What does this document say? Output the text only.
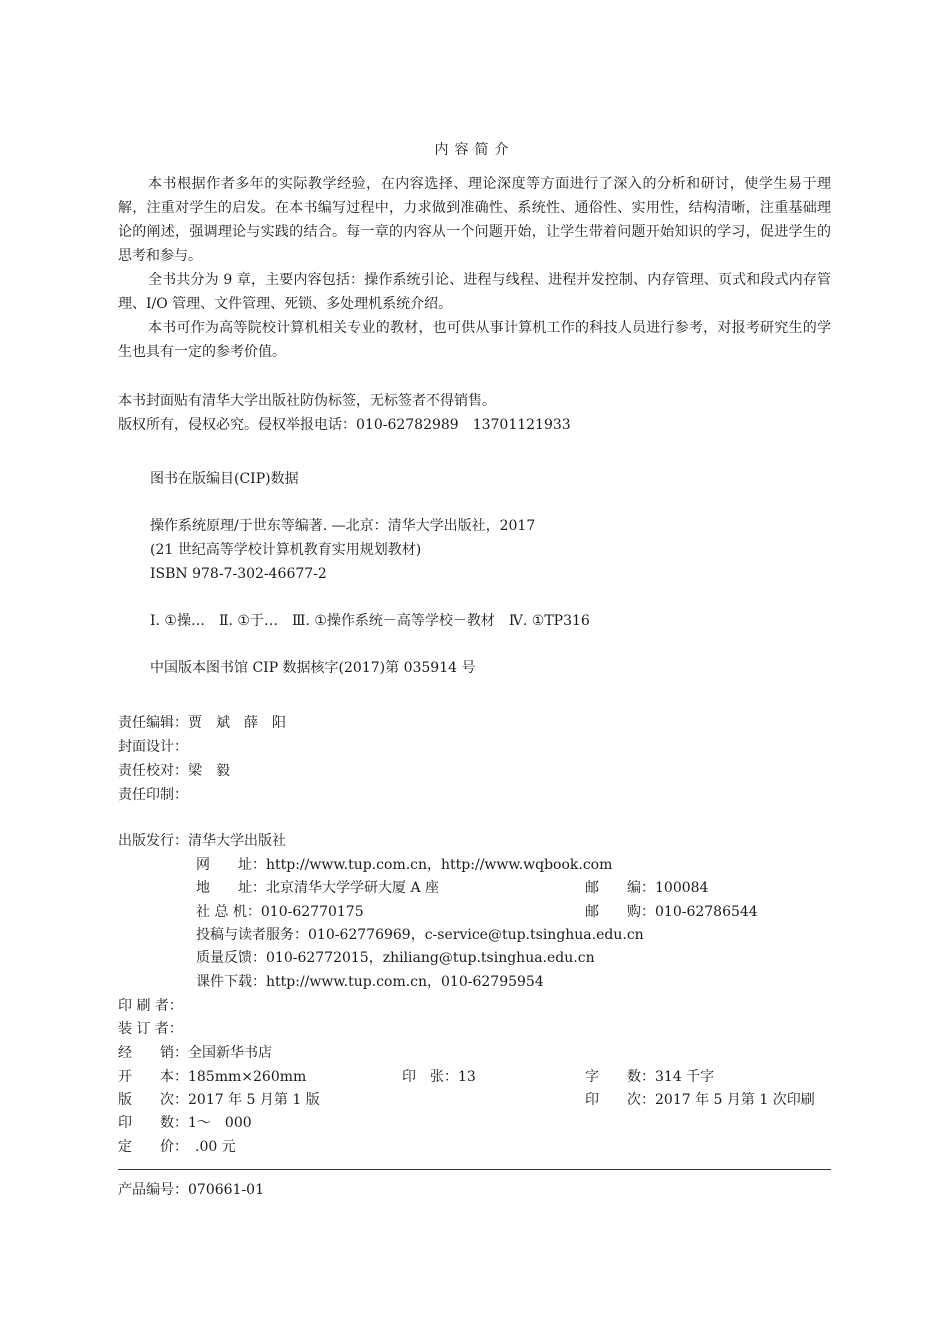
内容简介
本书根据作者多年的实际教学经验，在内容选择、理论深度等方面进行了深入的分析和研讨，使学生易于理解，注重对学生的启发。在本书编写过程中，力求做到准确性、系统性、通俗性、实用性，结构清晰，注重基础理论的阐述，强调理论与实践的结合。每一章的内容从一个问题开始，让学生带着问题开始知识的学习，促进学生的思考和参与。
全书共分为 9 章，主要内容包括：操作系统引论、进程与线程、进程并发控制、内存管理、页式和段式内存管理、I/O 管理、文件管理、死锁、多处理机系统介绍。
本书可作为高等院校计算机相关专业的教材，也可供从事计算机工作的科技人员进行参考，对报考研究生的学生也具有一定的参考价值。
本书封面贴有清华大学出版社防伪标签，无标签者不得销售。
版权所有，侵权必究。侵权举报电话：010-62782989　13701121933
图书在版编目(CIP)数据
操作系统原理/于世东等编著. —北京：清华大学出版社，2017
(21 世纪高等学校计算机教育实用规划教材)
ISBN 978-7-302-46677-2
Ⅰ. ①操…　Ⅱ. ①于…　Ⅲ. ①操作系统－高等学校－教材　Ⅳ. ①TP316
中国版本图书馆 CIP 数据核字(2017)第 035914 号
责任编辑：贾　斌　薛　阳
封面设计：
责任校对：梁　毅
责任印制：
出版发行：清华大学出版社
网　　址：http://www.tup.com.cn，http://www.wqbook.com
地　　址：北京清华大学学研大厦 A 座	邮　　编：100084
社 总 机：010-62770175	邮　　购：010-62786544
投稿与读者服务：010-62776969，c-service@tup.tsinghua.edu.cn
质量反馈：010-62772015，zhiliang@tup.tsinghua.edu.cn
课件下载：http://www.tup.com.cn，010-62795954
印 刷 者：
装 订 者：
经　　销：全国新华书店
开　　本：185mm×260mm	印　张：13	字　　数：314 千字
版　　次：2017 年 5 月第 1 版	印　　次：2017 年 5 月第 1 次印刷
印　　数：1～　000
定　　价：　.00 元
产品编号：070661-01
